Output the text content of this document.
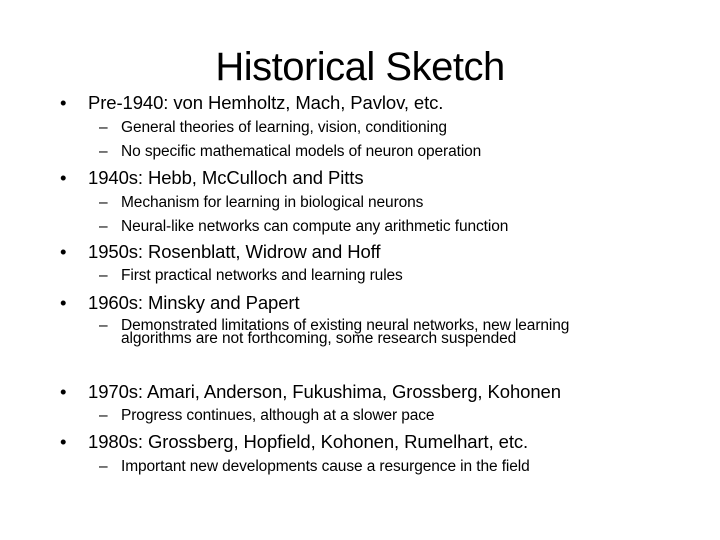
Historical Sketch
• Pre-1940: von Hemholtz, Mach, Pavlov, etc.
– General theories of learning, vision, conditioning
– No specific mathematical models of neuron operation
• 1940s: Hebb, McCulloch and Pitts
– Mechanism for learning in biological neurons
– Neural-like networks can compute any arithmetic function
• 1950s: Rosenblatt, Widrow and Hoff
– First practical networks and learning rules
• 1960s: Minsky and Papert
– Demonstrated limitations of existing neural networks, new learning algorithms are not forthcoming, some research suspended
• 1970s: Amari, Anderson, Fukushima, Grossberg, Kohonen
– Progress continues, although at a slower pace
• 1980s: Grossberg, Hopfield, Kohonen, Rumelhart, etc.
– Important new developments cause a resurgence in the field
